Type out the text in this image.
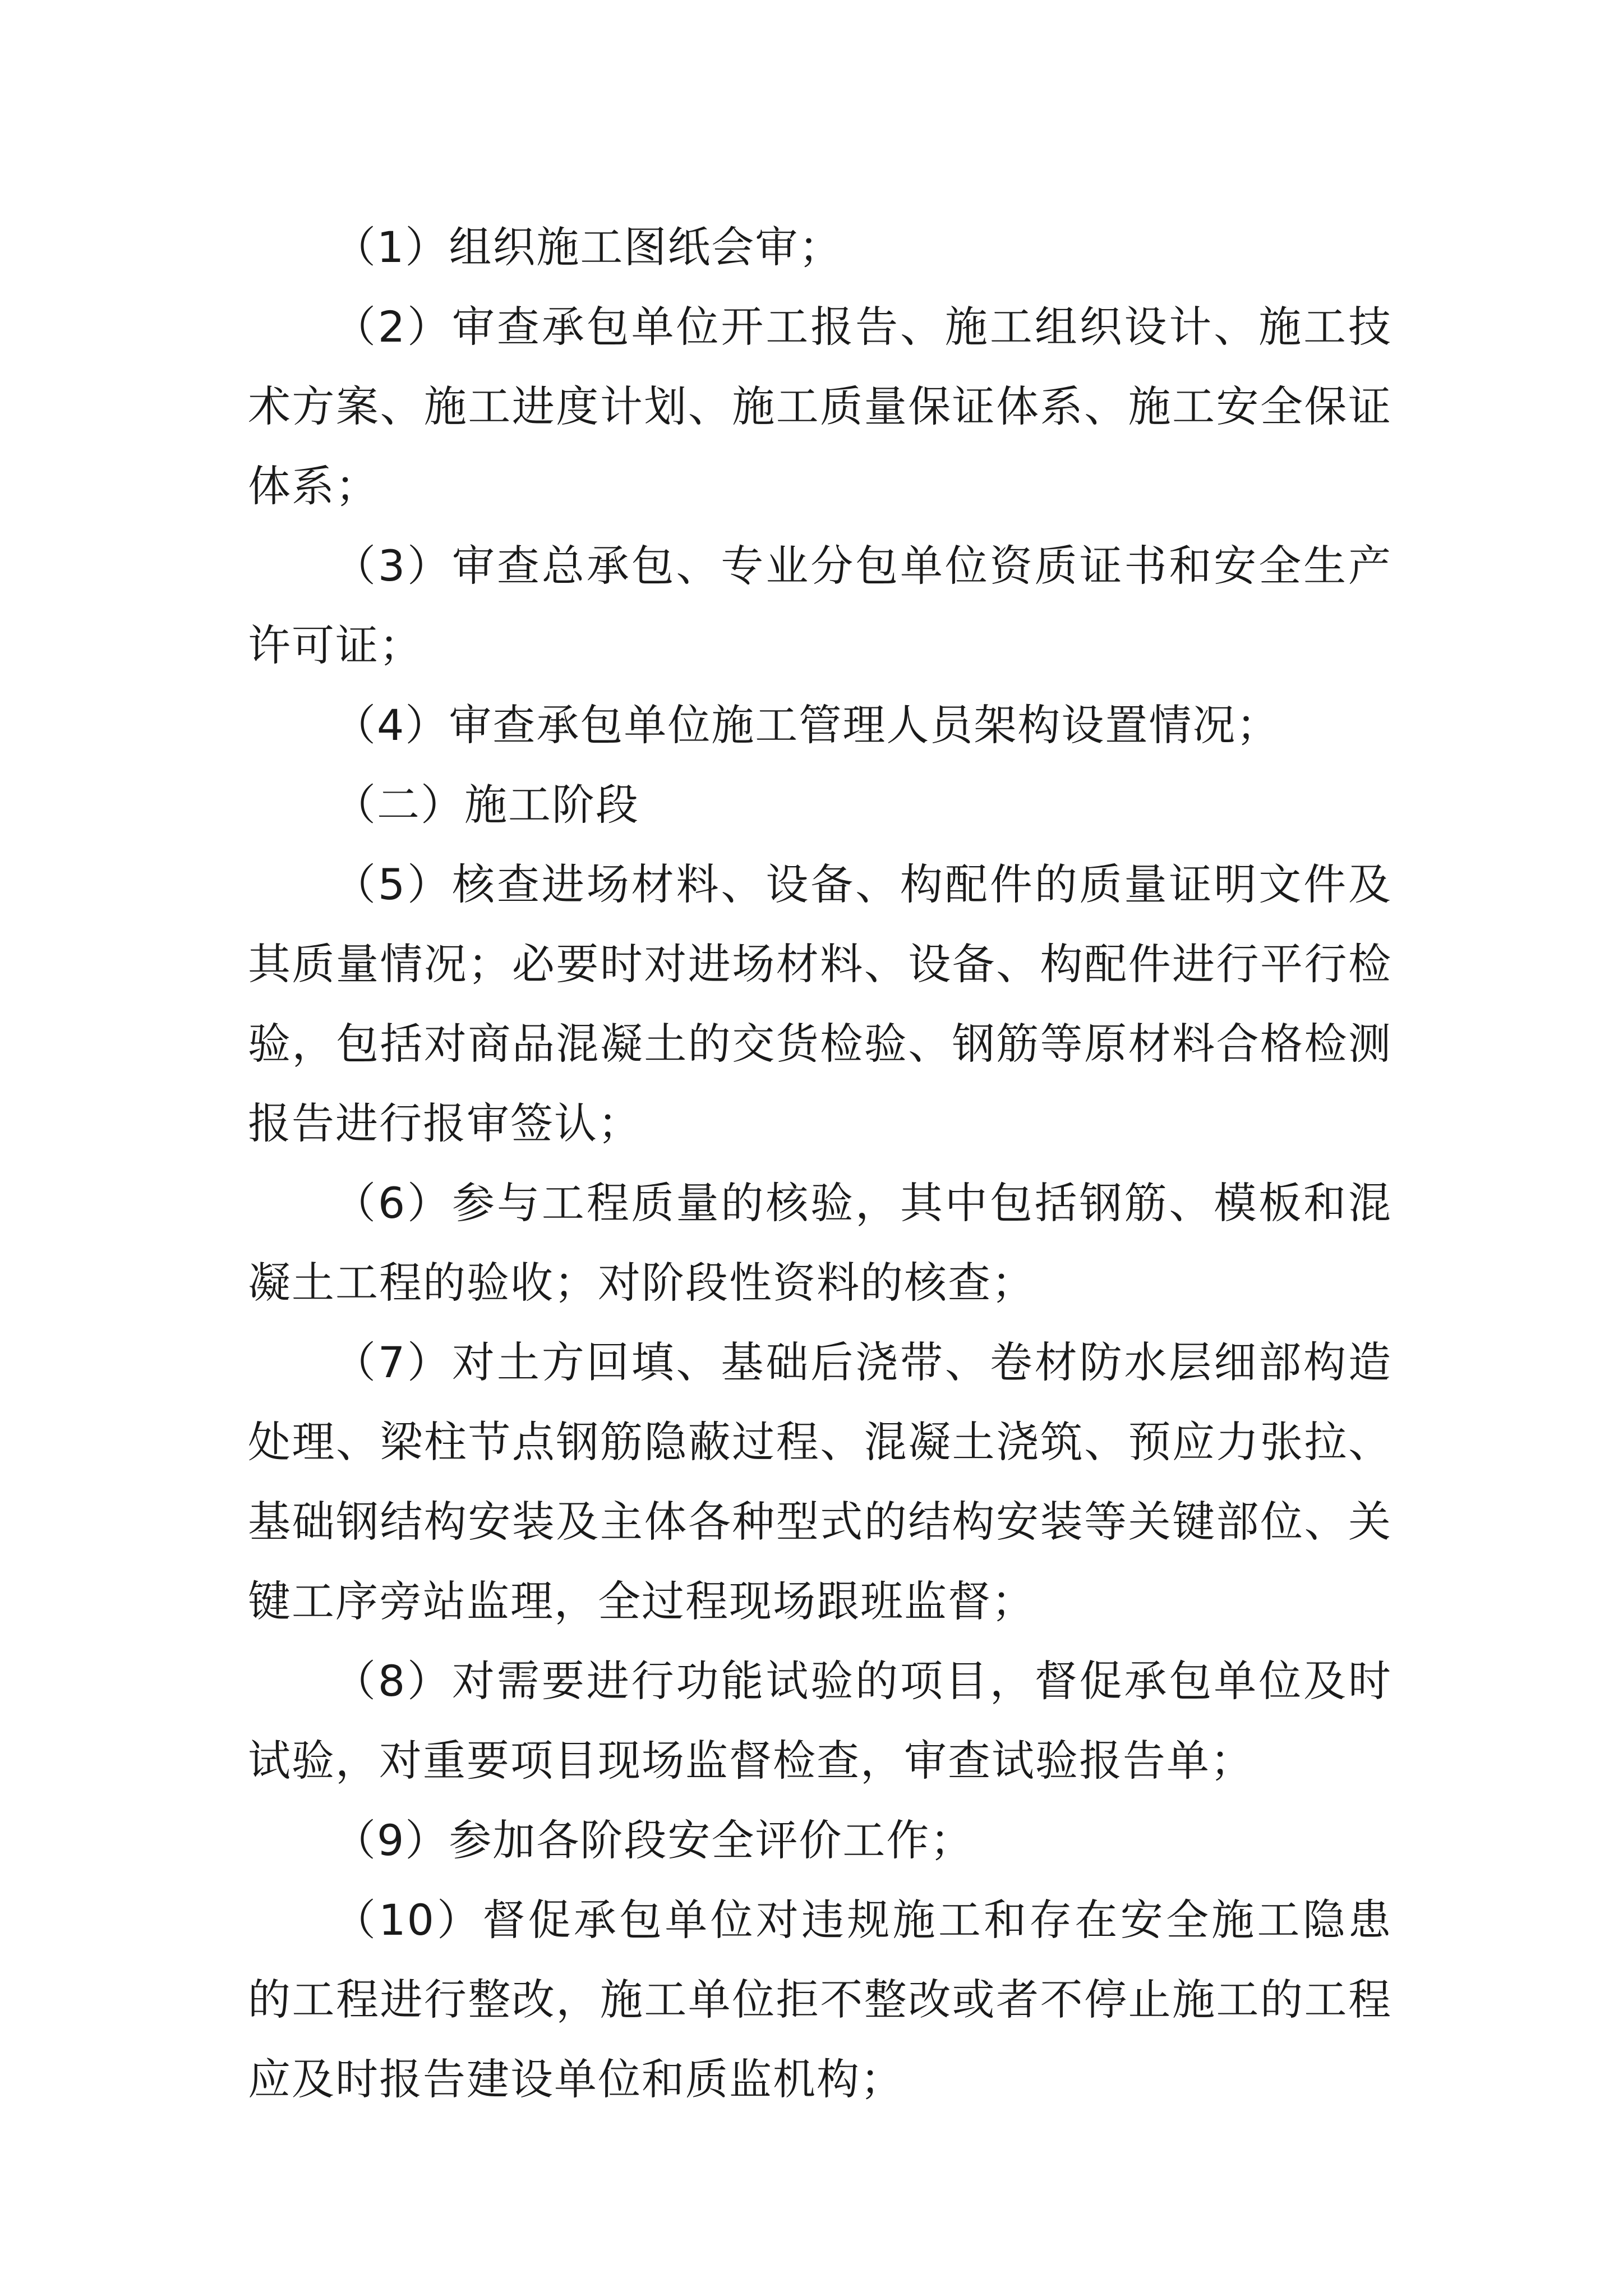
（1）组织施工图纸会审；

（2）审查承包单位开工报告、施工组织设计、施工技术方案、施工进度计划、施工质量保证体系、施工安全保证体系；

（3）审查总承包、专业分包单位资质证书和安全生产许可证；

（4）审查承包单位施工管理人员架构设置情况；

（二）施工阶段

（5）核查进场材料、设备、构配件的质量证明文件及其质量情况；必要时对进场材料、设备、构配件进行平行检验，包括对商品混凝土的交货检验、钢筋等原材料合格检测报告进行报审签认；

（6）参与工程质量的核验，其中包括钢筋、模板和混凝土工程的验收；对阶段性资料的核查；

（7）对土方回填、基础后浇带、卷材防水层细部构造处理、梁柱节点钢筋隐蔽过程、混凝土浇筑、预应力张拉、基础钢结构安装及主体各种型式的结构安装等关键部位、关键工序旁站监理，全过程现场跟班监督；

（8）对需要进行功能试验的项目，督促承包单位及时试验，对重要项目现场监督检查，审查试验报告单；

（9）参加各阶段安全评价工作；

（10）督促承包单位对违规施工和存在安全施工隐患的工程进行整改，施工单位拒不整改或者不停止施工的工程应及时报告建设单位和质监机构；
